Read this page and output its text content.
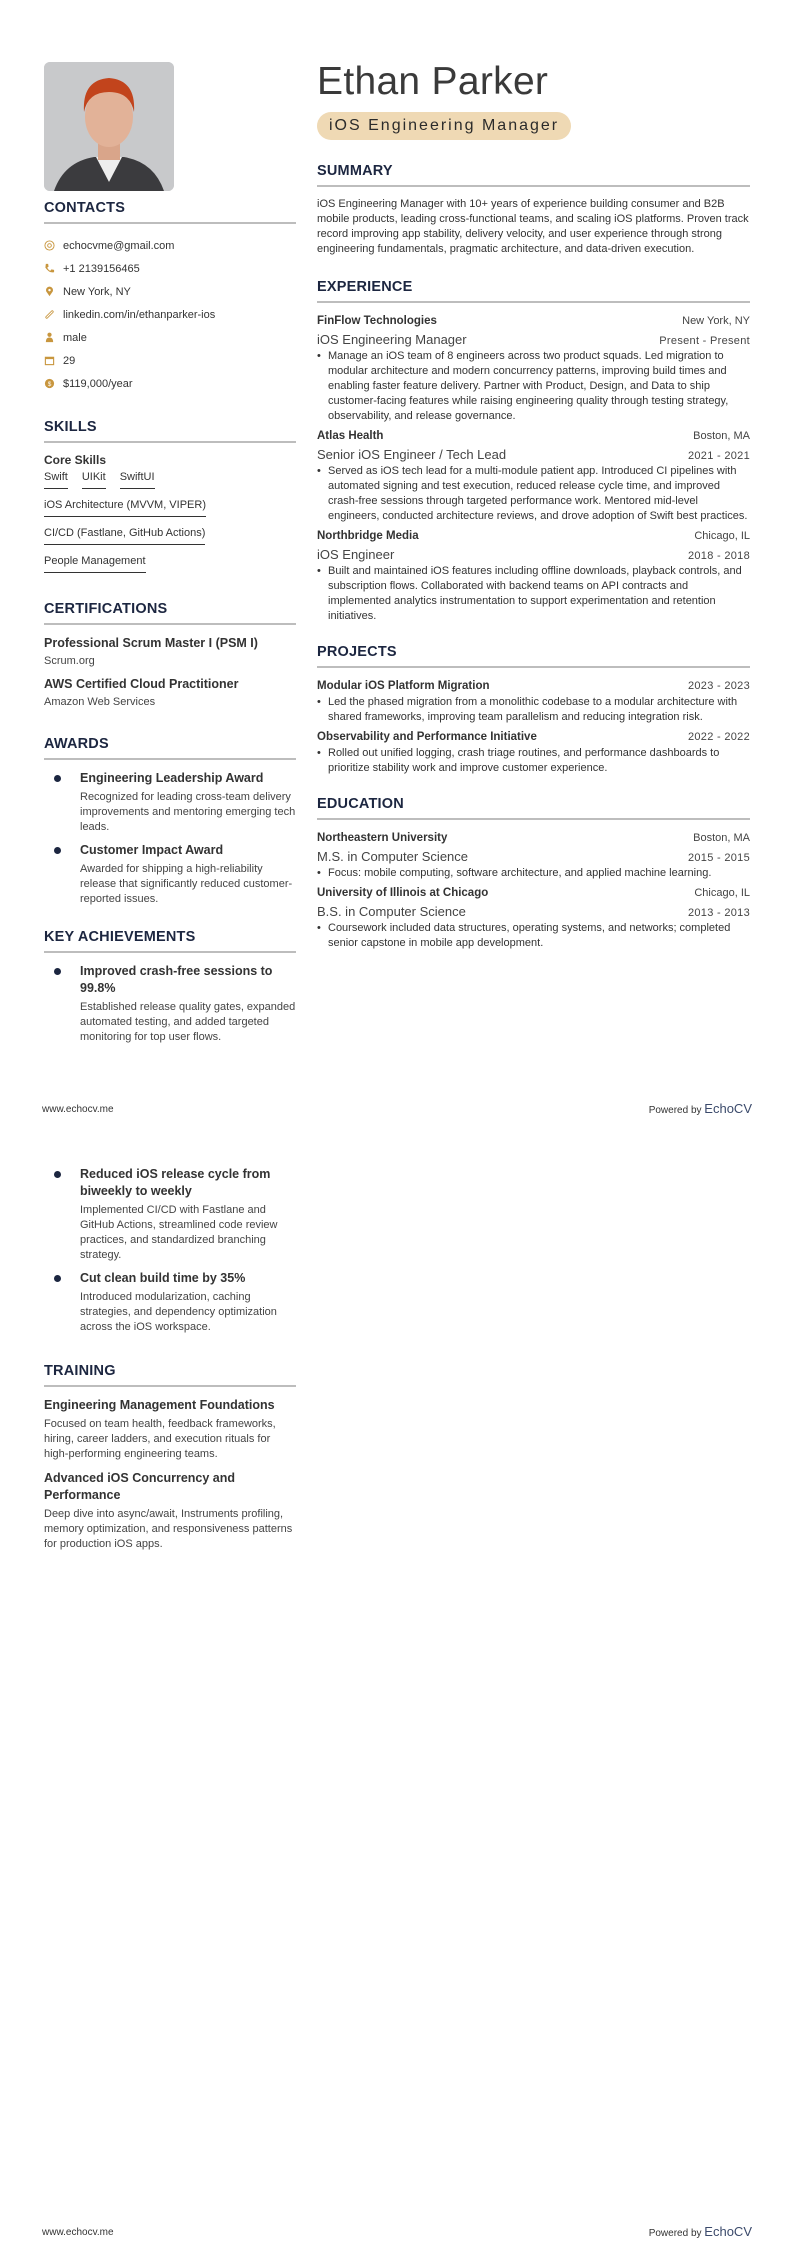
Ethan Parker
iOS Engineering Manager
CONTACTS
echocvme@gmail.com
+1 2139156465
New York, NY
linkedin.com/in/ethanparker-ios
male
29
$ $119,000/year
SKILLS
Core Skills
Swift UIKit SwiftUI
iOS Architecture (MVVM, VIPER)
CI/CD (Fastlane, GitHub Actions)
People Management
CERTIFICATIONS
Professional Scrum Master I (PSM I)
Scrum.org
AWS Certified Cloud Practitioner
Amazon Web Services
AWARDS
Engineering Leadership Award
Recognized for leading cross-team delivery improvements and mentoring emerging tech leads.
Customer Impact Award
Awarded for shipping a high-reliability release that significantly reduced customer-reported issues.
KEY ACHIEVEMENTS
Improved crash-free sessions to 99.8%
Established release quality gates, expanded automated testing, and added targeted monitoring for top user flows.
SUMMARY

iOS Engineering Manager with 10+ years of experience building consumer and B2B mobile products, leading cross-functional teams, and scaling iOS platforms. Proven track record improving app stability, delivery velocity, and user experience through strong engineering fundamentals, pragmatic architecture, and data-driven execution.

EXPERIENCE
FinFlow Technologies	New York, NY
iOS Engineering Manager	Present - Present
• Manage an iOS team of 8 engineers across two product squads. Led migration to modular architecture and modern concurrency patterns, improving build times and enabling faster feature delivery. Partner with Product, Design, and Data to ship customer-facing features while raising engineering quality through testing strategy, observability, and release governance.
Atlas Health	Boston, MA
Senior iOS Engineer / Tech Lead	2021 - 2021
• Served as iOS tech lead for a multi-module patient app. Introduced CI pipelines with automated signing and test execution, reduced release cycle time, and improved crash-free sessions through targeted performance work. Mentored mid-level engineers, conducted architecture reviews, and drove adoption of Swift best practices.
Northbridge Media	Chicago, IL
iOS Engineer	2018 - 2018
• Built and maintained iOS features including offline downloads, playback controls, and subscription flows. Collaborated with backend teams on API contracts and implemented analytics instrumentation to support experimentation and retention initiatives.
PROJECTS
Modular iOS Platform Migration	2023 - 2023
• Led the phased migration from a monolithic codebase to a modular architecture with shared frameworks, improving team parallelism and reducing integration risk.
Observability and Performance Initiative	2022 - 2022
• Rolled out unified logging, crash triage routines, and performance dashboards to prioritize stability work and improve customer experience.
EDUCATION
Northeastern University	Boston, MA
M.S. in Computer Science	2015 - 2015
• Focus: mobile computing, software architecture, and applied machine learning.
University of Illinois at Chicago	Chicago, IL
B.S. in Computer Science	2013 - 2013
• Coursework included data structures, operating systems, and networks; completed senior capstone in mobile app development.
www.echocv.me	Powered by EchoCV
Reduced iOS release cycle from biweekly to weekly
Implemented CI/CD with Fastlane and GitHub Actions, streamlined code review practices, and standardized branching strategy.
Cut clean build time by 35%
Introduced modularization, caching strategies, and dependency optimization across the iOS workspace.
TRAINING
Engineering Management Foundations
Focused on team health, feedback frameworks, hiring, career ladders, and execution rituals for high-performing engineering teams.
Advanced iOS Concurrency and Performance
Deep dive into async/await, Instruments profiling, memory optimization, and responsiveness patterns for production iOS apps.
www.echocv.me	Powered by EchoCV
